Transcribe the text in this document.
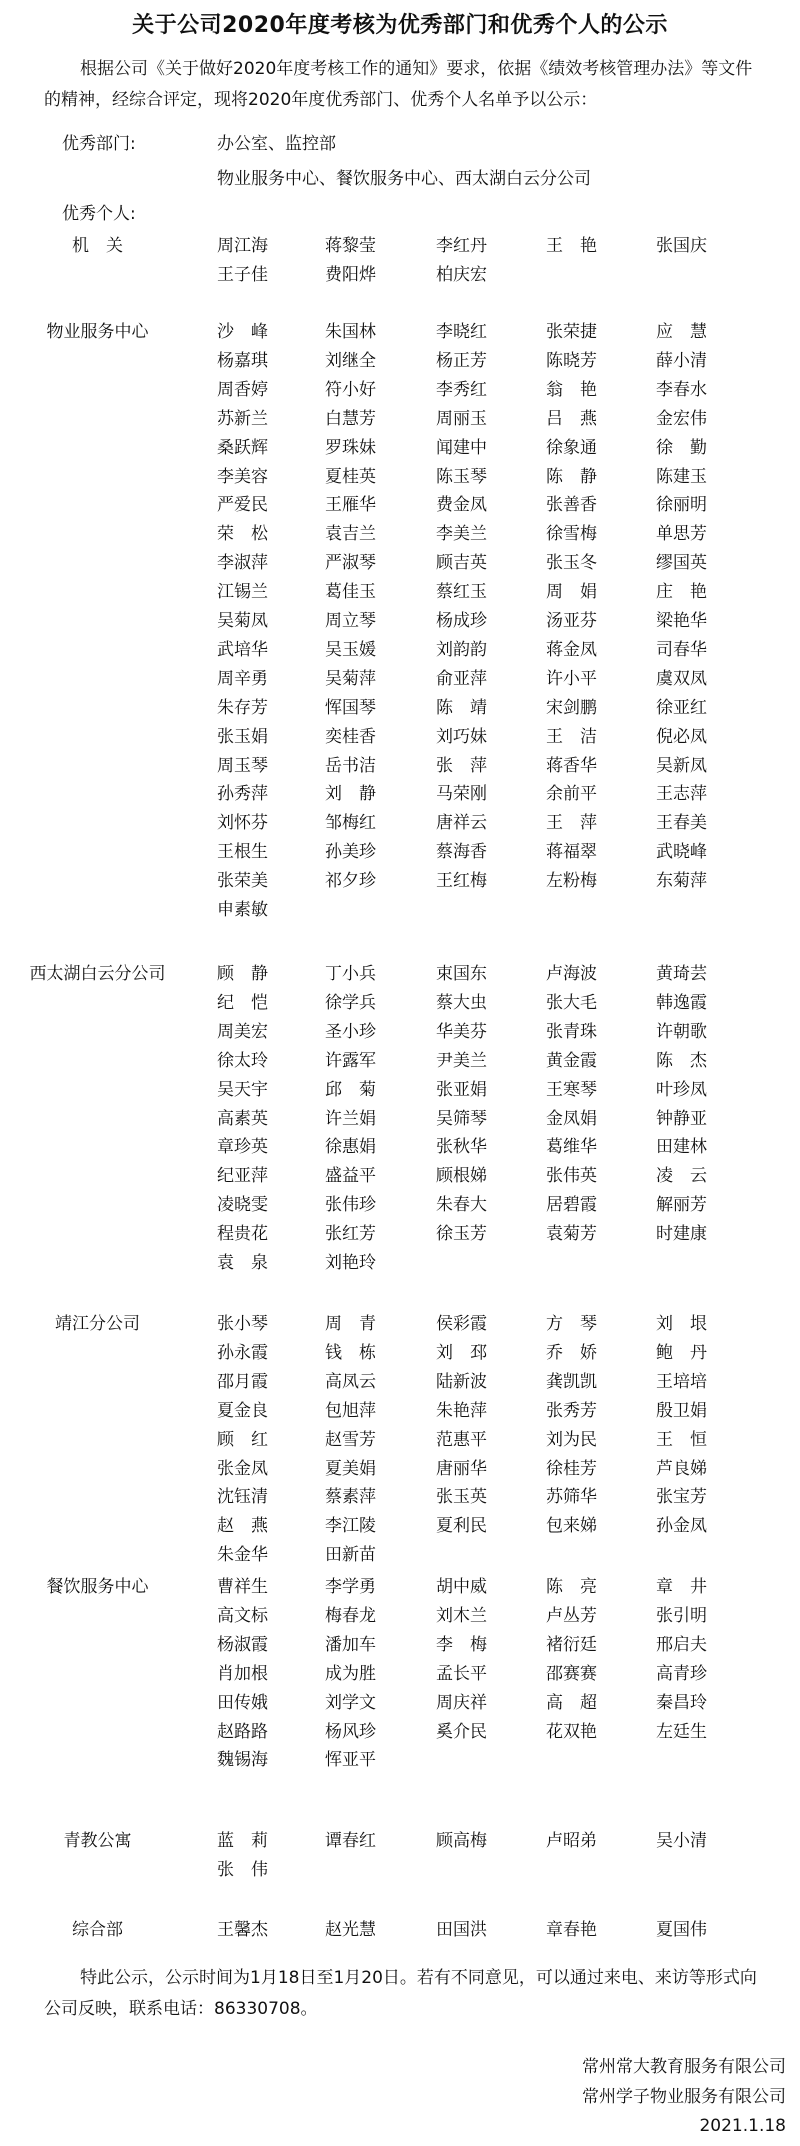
关于公司2020年度考核为优秀部门和优秀个人的公示
根据公司《关于做好2020年度考核工作的通知》要求，依据《绩效考核管理办法》等文件的精神，经综合评定，现将2020年度优秀部门、优秀个人名单予以公示：
优秀部门:	办公室、监控部
物业服务中心、餐饮服务中心、西太湖白云分公司
优秀个人:
机　关	周江海	蒋黎莹	李红丹	王　艳	张国庆
王子佳	费阳烨	柏庆宏
物业服务中心	沙　峰	朱国林	李晓红	张荣捷	应　慧
杨嘉琪	刘继全	杨正芳	陈晓芳	薛小清
周香婷	符小好	李秀红	翁　艳	李春水
苏新兰	白慧芳	周丽玉	吕　燕	金宏伟
桑跃辉	罗珠妹	闻建中	徐象通	徐　勤
李美容	夏桂英	陈玉琴	陈　静	陈建玉
严爱民	王雁华	费金凤	张善香	徐丽明
荣　松	袁吉兰	李美兰	徐雪梅	单思芳
李淑萍	严淑琴	顾吉英	张玉冬	缪国英
江锡兰	葛佳玉	蔡红玉	周　娟	庄　艳
吴菊凤	周立琴	杨成珍	汤亚芬	梁艳华
武培华	吴玉媛	刘韵韵	蒋金凤	司春华
周辛勇	吴菊萍	俞亚萍	许小平	虞双凤
朱存芳	恽国琴	陈　靖	宋剑鹏	徐亚红
张玉娟	奕桂香	刘巧妹	王　洁	倪必凤
周玉琴	岳书洁	张　萍	蒋香华	吴新凤
孙秀萍	刘　静	马荣刚	余前平	王志萍
刘怀芬	邹梅红	唐祥云	王　萍	王春美
王根生	孙美珍	蔡海香	蒋福翠	武晓峰
张荣美	祁夕珍	王红梅	左粉梅	东菊萍
申素敏
西太湖白云分公司	顾　静	丁小兵	束国东	卢海波	黄琦芸
纪　恺	徐学兵	蔡大虫	张大毛	韩逸霞
周美宏	圣小珍	华美芬	张青珠	许朝歌
徐太玲	许露军	尹美兰	黄金霞	陈　杰
吴天宇	邱　菊	张亚娟	王寒琴	叶珍凤
高素英	许兰娟	吴筛琴	金凤娟	钟静亚
章珍英	徐惠娟	张秋华	葛维华	田建林
纪亚萍	盛益平	顾根娣	张伟英	凌　云
凌晓雯	张伟珍	朱春大	居碧霞	解丽芳
程贵花	张红芳	徐玉芳	袁菊芳	时建康
袁　泉	刘艳玲
靖江分公司	张小琴	周　青	侯彩霞	方　琴	刘　垠
孙永霞	钱　栋	刘　邳	乔　娇	鲍　丹
邵月霞	高凤云	陆新波	龚凯凯	王培培
夏金良	包旭萍	朱艳萍	张秀芳	殷卫娟
顾　红	赵雪芳	范惠平	刘为民	王　恒
张金凤	夏美娟	唐丽华	徐桂芳	芦良娣
沈钰清	蔡素萍	张玉英	苏筛华	张宝芳
赵　燕	李江陵	夏利民	包来娣	孙金凤
朱金华	田新苗
餐饮服务中心	曹祥生	李学勇	胡中威	陈　亮	章　井
高文标	梅春龙	刘木兰	卢丛芳	张引明
杨淑霞	潘加车	李　梅	褚衍廷	邢启夫
肖加根	成为胜	孟长平	邵赛赛	高青珍
田传娥	刘学文	周庆祥	高　超	秦昌玲
赵路路	杨风珍	奚介民	花双艳	左廷生
魏锡海	恽亚平
青教公寓	蓝　莉	谭春红	顾高梅	卢昭弟	吴小清
张　伟
综合部	王馨杰	赵光慧	田国洪	章春艳	夏国伟
特此公示，公示时间为1月18日至1月20日。若有不同意见，可以通过来电、来访等形式向公司反映，联系电话：86330708。
常州常大教育服务有限公司
常州学子物业服务有限公司
2021.1.18
